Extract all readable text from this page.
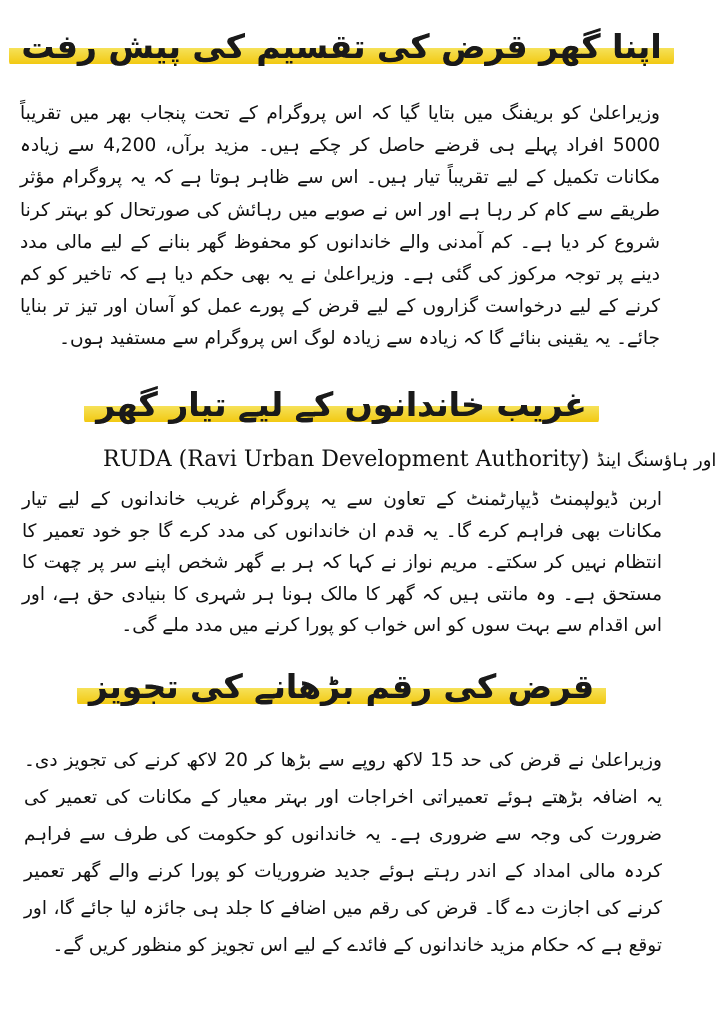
اپنا گھر قرض کی تقسیم کی پیش رفت
وزیراعلیٰ کو بریفنگ میں بتایا گیا کہ اس پروگرام کے تحت پنجاب بھر میں تقریباً 5000 افراد پہلے ہی قرضے حاصل کر چکے ہیں۔ مزید برآں، 4,200 سے زیادہ مکانات تکمیل کے لیے تقریباً تیار ہیں۔ اس سے ظاہر ہوتا ہے کہ یہ پروگرام مؤثر طریقے سے کام کر رہا ہے اور اس نے صوبے میں رہائش کی صورتحال کو بہتر کرنا شروع کر دیا ہے۔ کم آمدنی والے خاندانوں کو محفوظ گھر بنانے کے لیے مالی مدد دینے پر توجہ مرکوز کی گئی ہے۔ وزیراعلیٰ نے یہ بھی حکم دیا ہے کہ تاخیر کو کم کرنے کے لیے درخواست گزاروں کے لیے قرض کے پورے عمل کو آسان اور تیز تر بنایا جائے۔ یہ یقینی بنائے گا کہ زیادہ سے زیادہ لوگ اس پروگرام سے مستفید ہوں۔
غریب خاندانوں کے لیے تیار گھر
RUDA (Ravi Urban Development Authority) اور ہاؤسنگ اینڈ
اربن ڈیولپمنٹ ڈیپارٹمنٹ کے تعاون سے یہ پروگرام غریب خاندانوں کے لیے تیار مکانات بھی فراہم کرے گا۔ یہ قدم ان خاندانوں کی مدد کرے گا جو خود تعمیر کا انتظام نہیں کر سکتے۔ مریم نواز نے کہا کہ ہر بے گھر شخص اپنے سر پر چھت کا مستحق ہے۔ وہ مانتی ہیں کہ گھر کا مالک ہونا ہر شہری کا بنیادی حق ہے، اور اس اقدام سے بہت سوں کو اس خواب کو پورا کرنے میں مدد ملے گی۔
قرض کی رقم بڑھانے کی تجویز
وزیراعلیٰ نے قرض کی حد 15 لاکھ روپے سے بڑھا کر 20 لاکھ کرنے کی تجویز دی۔ یہ اضافہ بڑھتے ہوئے تعمیراتی اخراجات اور بہتر معیار کے مکانات کی تعمیر کی ضرورت کی وجہ سے ضروری ہے۔ یہ خاندانوں کو حکومت کی طرف سے فراہم کردہ مالی امداد کے اندر رہتے ہوئے جدید ضروریات کو پورا کرنے والے گھر تعمیر کرنے کی اجازت دے گا۔ قرض کی رقم میں اضافے کا جلد ہی جائزہ لیا جائے گا، اور توقع ہے کہ حکام مزید خاندانوں کے فائدے کے لیے اس تجویز کو منظور کریں گے۔
